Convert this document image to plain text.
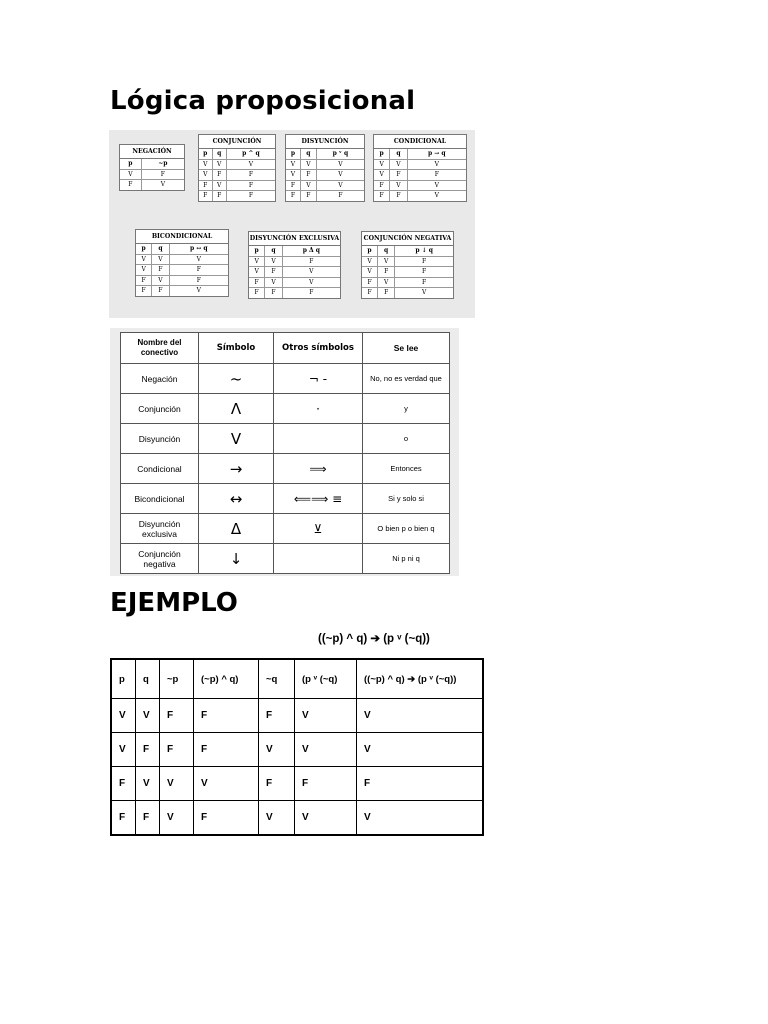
Lógica proposicional
NEGACIÓN
p	~p
V	F
F	V
CONJUNCIÓN
p	q	p ^ q
V	V	V
V	F	F
F	V	F
F	F	F
DISYUNCIÓN
p	q	p ᵛ q
V	V	V
V	F	V
F	V	V
F	F	F
CONDICIONAL
p	q	p → q
V	V	V
V	F	F
F	V	V
F	F	V
BICONDICIONAL
p	q	p ↔ q
V	V	V
V	F	F
F	V	F
F	F	V
DISYUNCIÓN EXCLUSIVA
p	q	p Δ q
V	V	F
V	F	V
F	V	V
F	F	F
CONJUNCIÓN NEGATIVA
p	q	p ↓ q
V	V	F
V	F	F
F	V	F
F	F	V
Nombre del conectivo	Símbolo	Otros símbolos	Se lee
Negación	~	¬ -	No, no es verdad que
Conjunción	Λ	·	y
Disyunción	V		o
Condicional	→	⟹	Entonces
Bicondicional	↔	⟸⟹ ≡	Si y solo si
Disyunción exclusiva	Δ	⊻	O bien p o bien q
Conjunción negativa	↓		Ni p ni q
EJEMPLO
((~p) ^ q) ➔ (p ᵛ (~q))
p	q	~p	(~p) ^ q)	~q	(p ᵛ (~q)	((~p) ^ q) ➔ (p ᵛ (~q))
V	V	F	F	F	V	V
V	F	F	F	V	V	V
F	V	V	V	F	F	F
F	F	V	F	V	V	V
